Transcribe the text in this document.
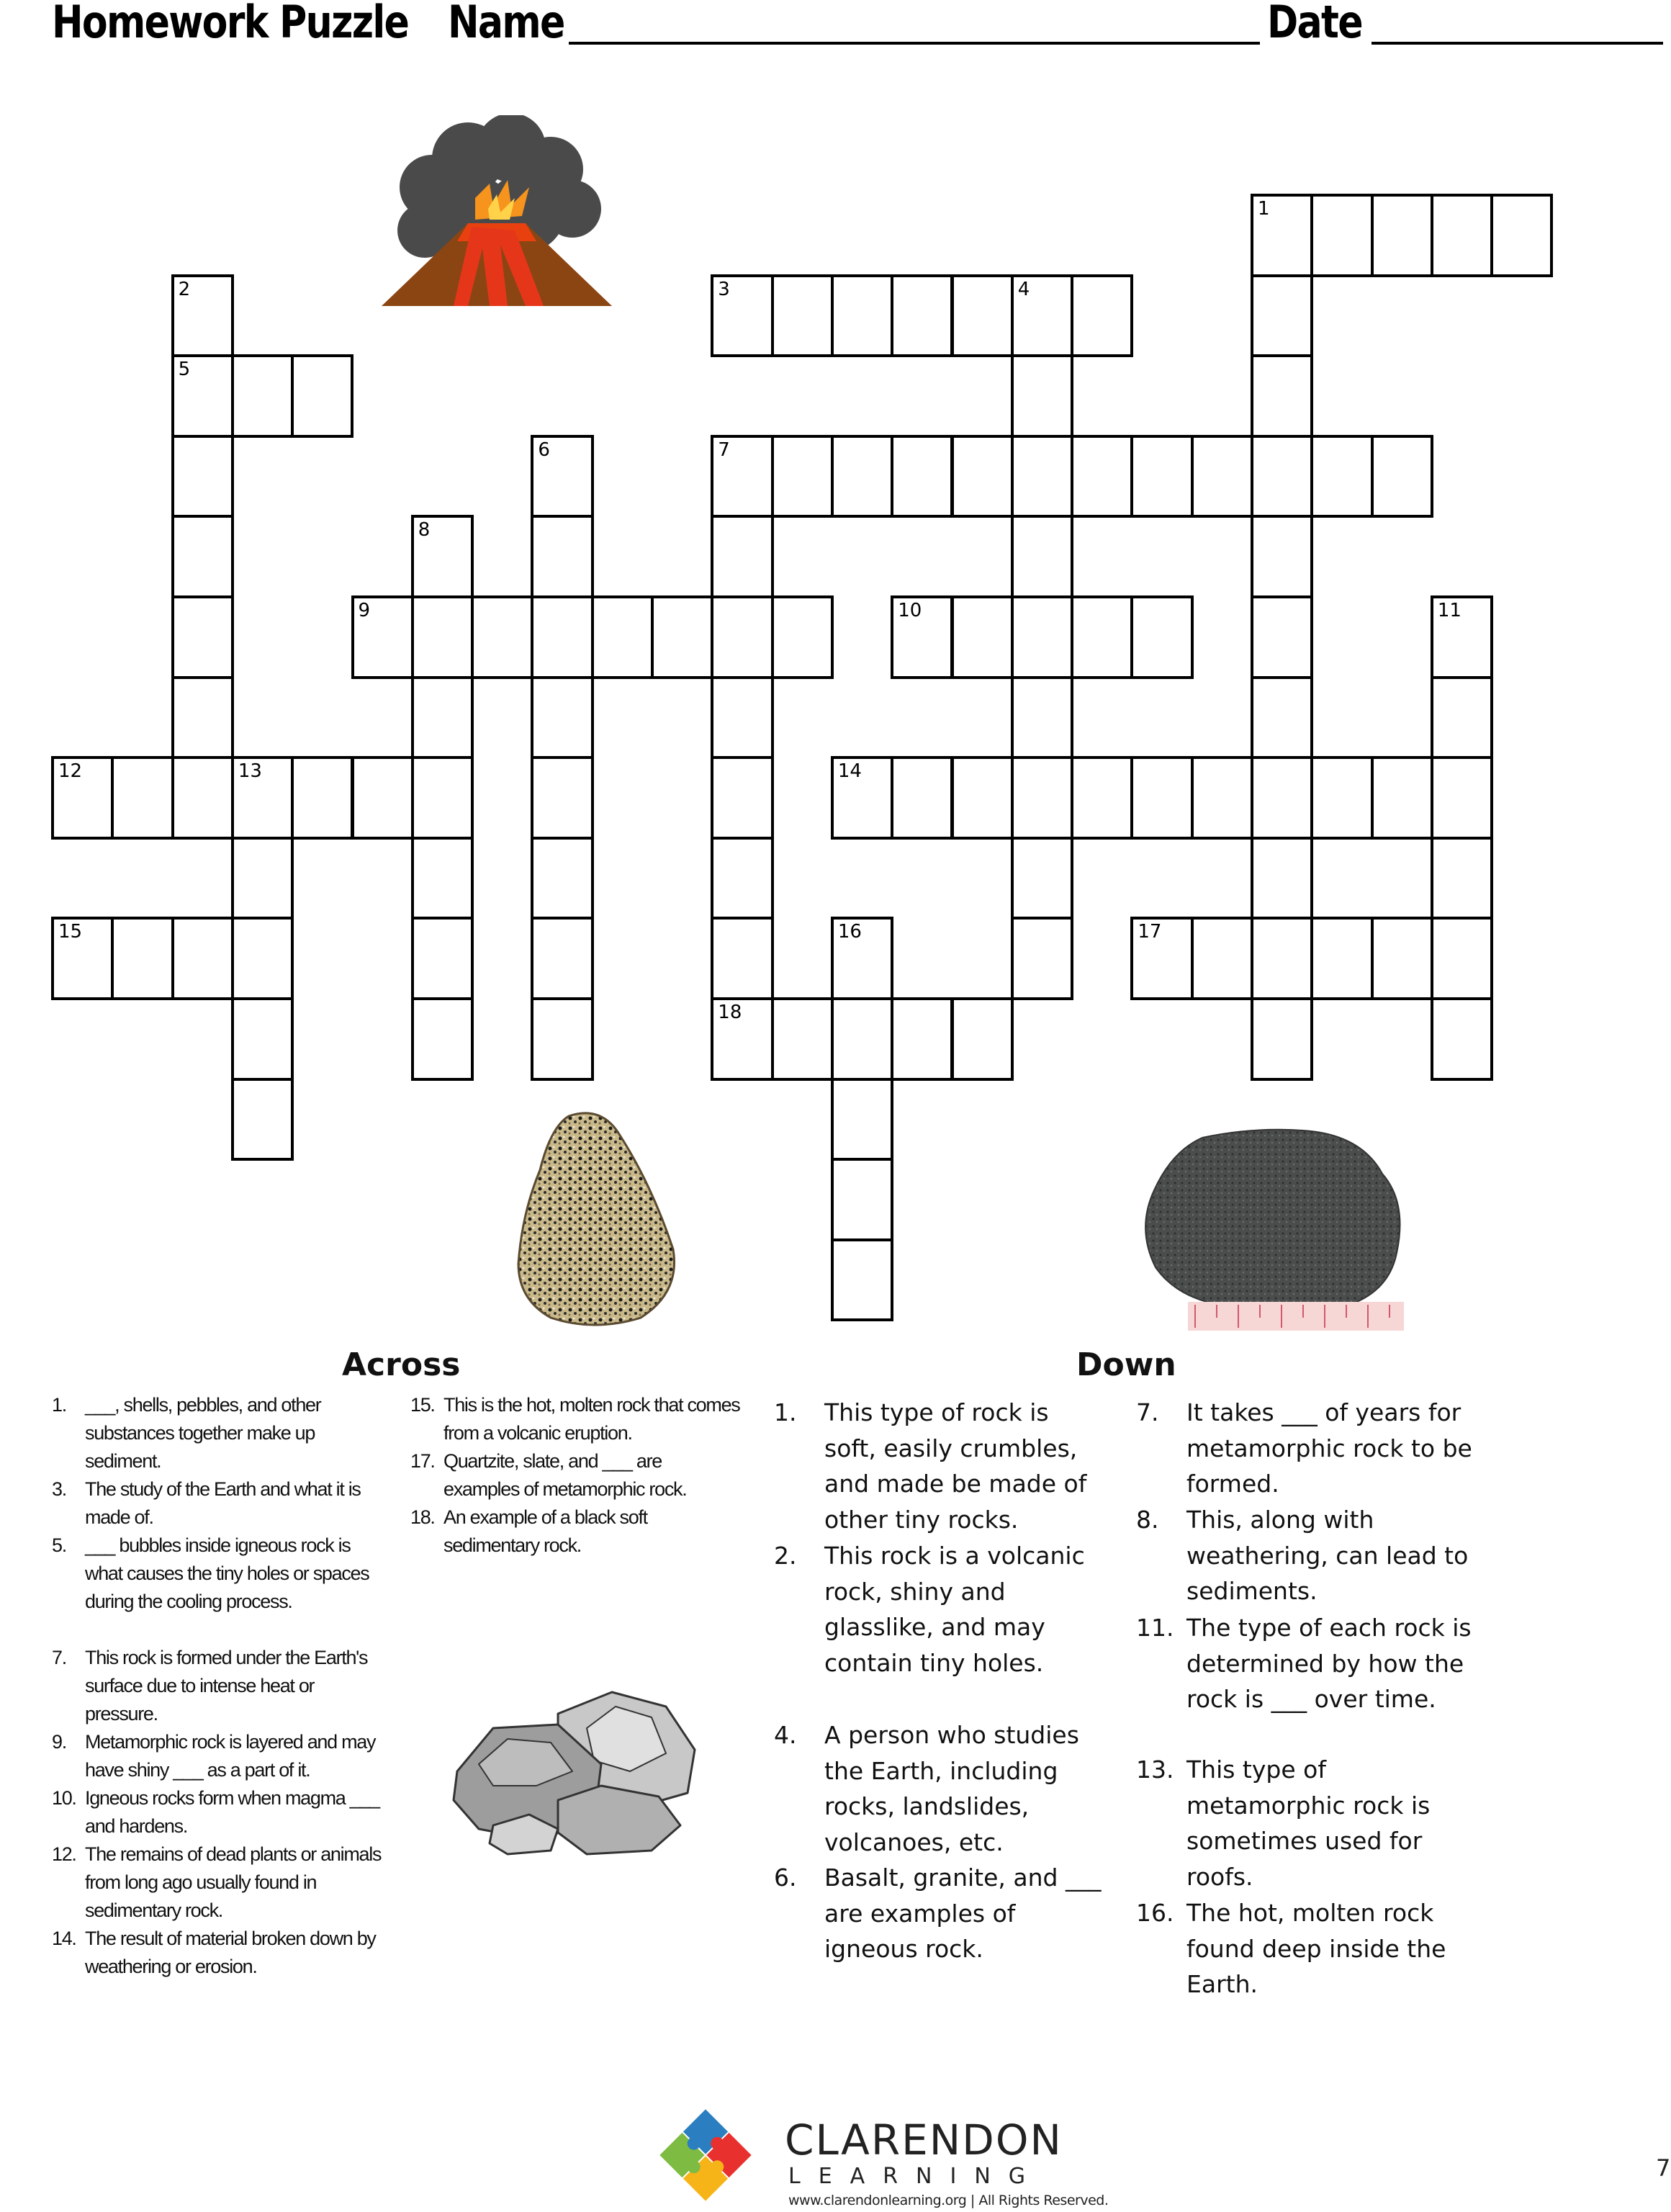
Homework Puzzle Name	Date
1
3	4
5
7
9	10
12	13	14
15	17
18
2
6
8
11
16
Across
1. ___, shells, pebbles, and other substances together make up sediment.
3. The study of the Earth and what it is made of.
5. ___ bubbles inside igneous rock is what causes the tiny holes or spaces during the cooling process.
7. This rock is formed under the Earth's surface due to intense heat or pressure.
9. Metamorphic rock is layered and may have shiny ___ as a part of it.
10. Igneous rocks form when magma ___ and hardens.
12. The remains of dead plants or animals from long ago usually found in sedimentary rock.
14. The result of material broken down by weathering or erosion.
15. This is the hot, molten rock that comes from a volcanic eruption.
17. Quartzite, slate, and ___ are examples of metamorphic rock.
18. An example of a black soft sedimentary rock.
Down
1. This type of rock is soft, easily crumbles, and made be made of other tiny rocks.
2. This rock is a volcanic rock, shiny and glasslike, and may contain tiny holes.
4. A person who studies the Earth, including rocks, landslides, volcanoes, etc.
6. Basalt, granite, and ___ are examples of igneous rock.
7. It takes ___ of years for metamorphic rock to be formed.
8. This, along with weathering, can lead to sediments.
11. The type of each rock is determined by how the rock is ___ over time.
13. This type of metamorphic rock is sometimes used for roofs.
16. The hot, molten rock found deep inside the Earth.
CLARENDON
LEARNING
www.clarendonlearning.org | All Rights Reserved.
7
